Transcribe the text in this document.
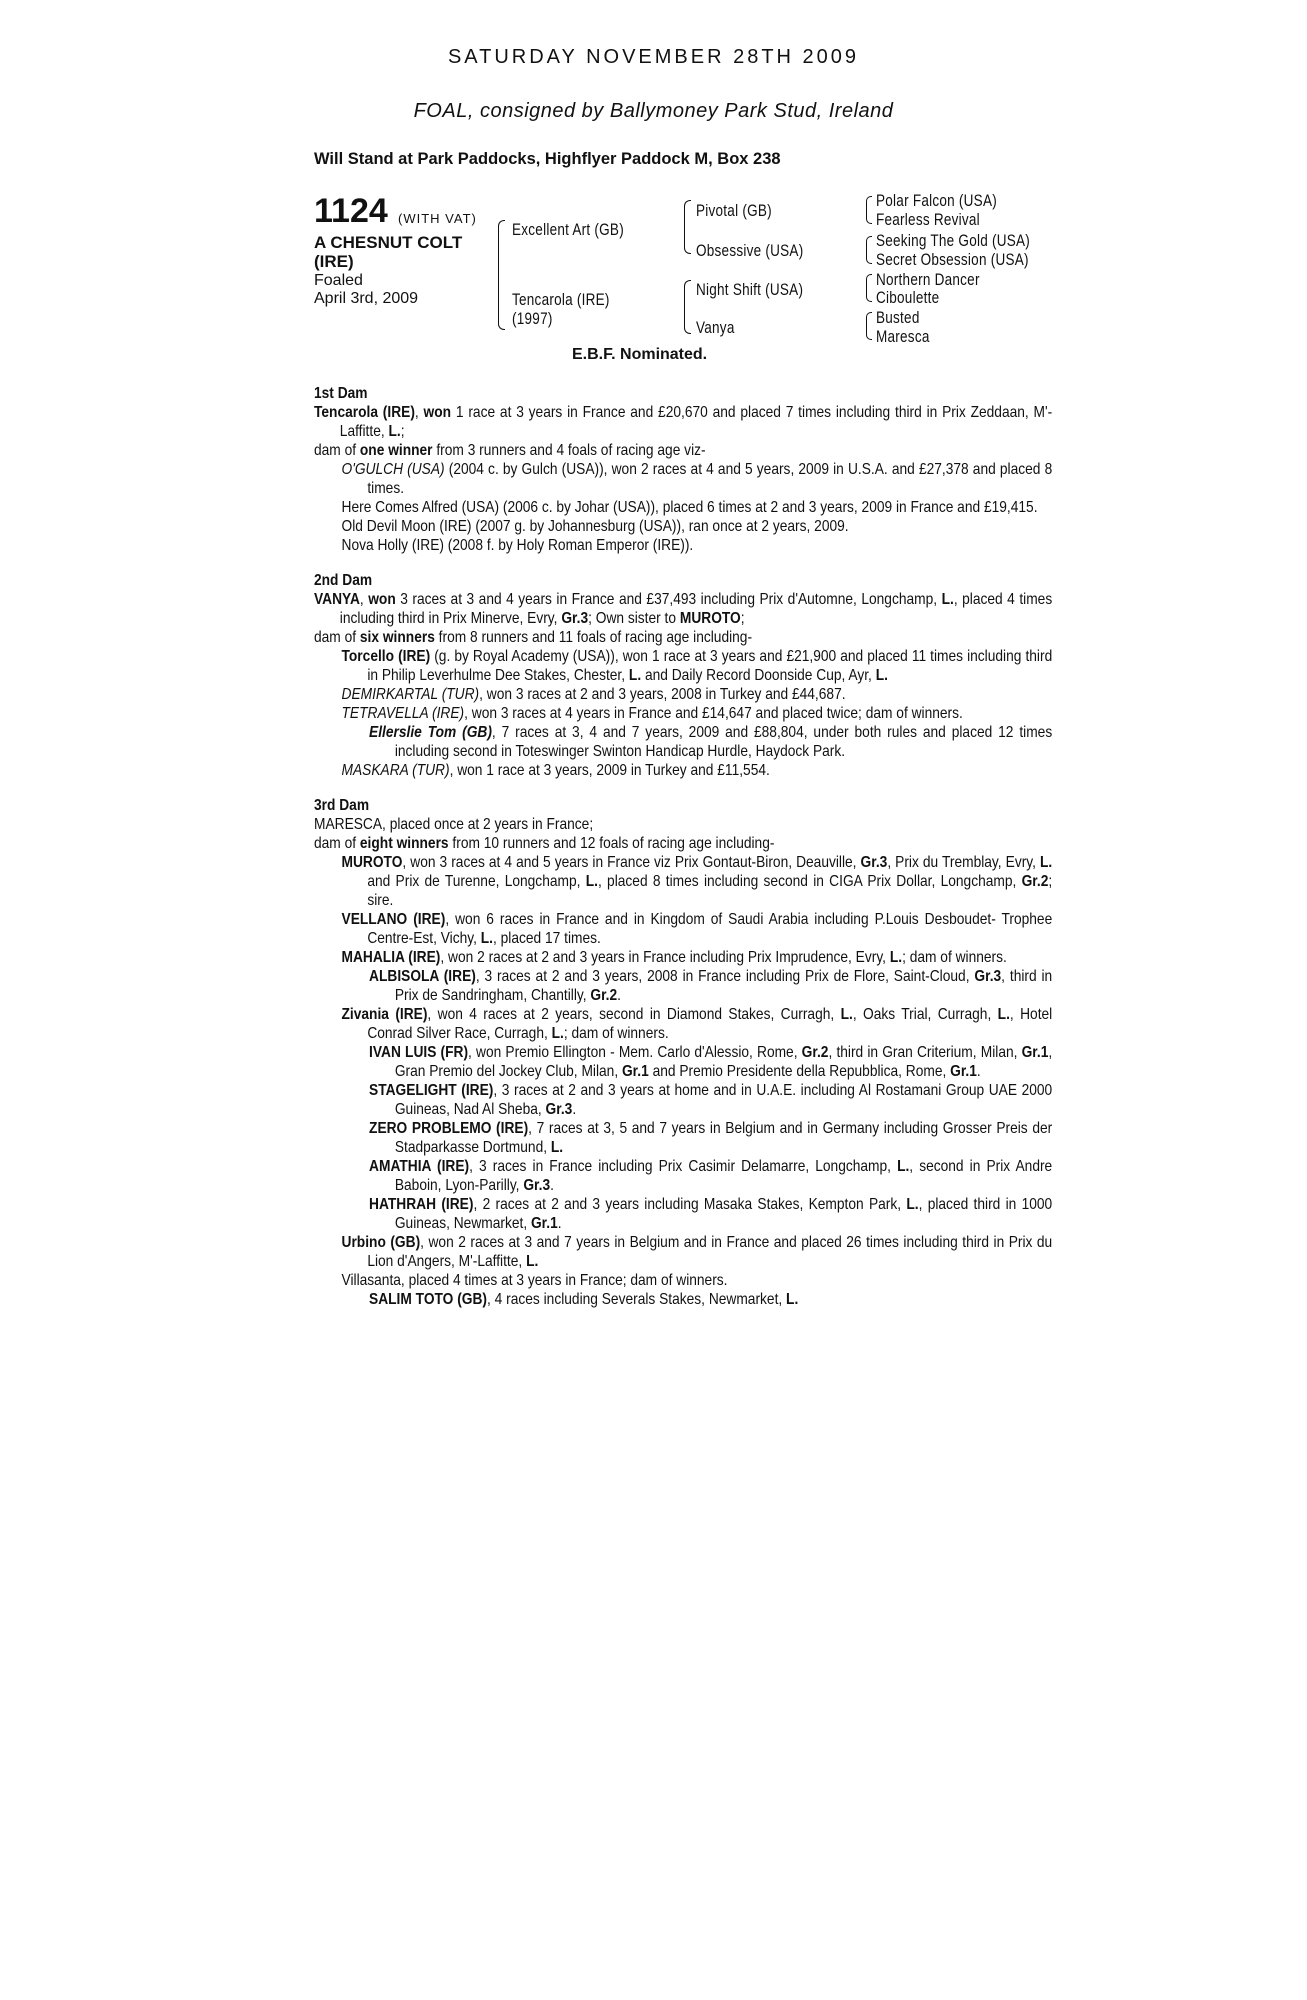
SATURDAY NOVEMBER 28TH 2009
FOAL, consigned by Ballymoney Park Stud, Ireland
Will Stand at Park Paddocks, Highflyer Paddock M, Box 238
1124 (WITH VAT)
A CHESNUT COLT
(IRE)
Foaled
April 3rd, 2009
Excellent Art (GB)
Tencarola (IRE)
(1997)
Pivotal (GB)
Obsessive (USA)
Night Shift (USA)
Vanya
Polar Falcon (USA)
Fearless Revival
Seeking The Gold (USA)
Secret Obsession (USA)
Northern Dancer
Ciboulette
Busted
Maresca
E.B.F. Nominated.
1st Dam
Tencarola (IRE), won 1 race at 3 years in France and £20,670 and placed 7 times including third in Prix Zeddaan, M'-Laffitte, L.;
dam of one winner from 3 runners and 4 foals of racing age viz-
O'GULCH (USA) (2004 c. by Gulch (USA)), won 2 races at 4 and 5 years, 2009 in U.S.A. and £27,378 and placed 8 times.
Here Comes Alfred (USA) (2006 c. by Johar (USA)), placed 6 times at 2 and 3 years, 2009 in France and £19,415.
Old Devil Moon (IRE) (2007 g. by Johannesburg (USA)), ran once at 2 years, 2009.
Nova Holly (IRE) (2008 f. by Holy Roman Emperor (IRE)).
2nd Dam
VANYA, won 3 races at 3 and 4 years in France and £37,493 including Prix d'Automne, Longchamp, L., placed 4 times including third in Prix Minerve, Evry, Gr.3; Own sister to MUROTO;
dam of six winners from 8 runners and 11 foals of racing age including-
Torcello (IRE) (g. by Royal Academy (USA)), won 1 race at 3 years and £21,900 and placed 11 times including third in Philip Leverhulme Dee Stakes, Chester, L. and Daily Record Doonside Cup, Ayr, L.
DEMIRKARTAL (TUR), won 3 races at 2 and 3 years, 2008 in Turkey and £44,687.
TETRAVELLA (IRE), won 3 races at 4 years in France and £14,647 and placed twice; dam of winners.
Ellerslie Tom (GB), 7 races at 3, 4 and 7 years, 2009 and £88,804, under both rules and placed 12 times including second in Toteswinger Swinton Handicap Hurdle, Haydock Park.
MASKARA (TUR), won 1 race at 3 years, 2009 in Turkey and £11,554.
3rd Dam
MARESCA, placed once at 2 years in France;
dam of eight winners from 10 runners and 12 foals of racing age including-
MUROTO, won 3 races at 4 and 5 years in France viz Prix Gontaut-Biron, Deauville, Gr.3, Prix du Tremblay, Evry, L. and Prix de Turenne, Longchamp, L., placed 8 times including second in CIGA Prix Dollar, Longchamp, Gr.2; sire.
VELLANO (IRE), won 6 races in France and in Kingdom of Saudi Arabia including P.Louis Desboudet- Trophee Centre-Est, Vichy, L., placed 17 times.
MAHALIA (IRE), won 2 races at 2 and 3 years in France including Prix Imprudence, Evry, L.; dam of winners.
ALBISOLA (IRE), 3 races at 2 and 3 years, 2008 in France including Prix de Flore, Saint-Cloud, Gr.3, third in Prix de Sandringham, Chantilly, Gr.2.
Zivania (IRE), won 4 races at 2 years, second in Diamond Stakes, Curragh, L., Oaks Trial, Curragh, L., Hotel Conrad Silver Race, Curragh, L.; dam of winners.
IVAN LUIS (FR), won Premio Ellington - Mem. Carlo d'Alessio, Rome, Gr.2, third in Gran Criterium, Milan, Gr.1, Gran Premio del Jockey Club, Milan, Gr.1 and Premio Presidente della Repubblica, Rome, Gr.1.
STAGELIGHT (IRE), 3 races at 2 and 3 years at home and in U.A.E. including Al Rostamani Group UAE 2000 Guineas, Nad Al Sheba, Gr.3.
ZERO PROBLEMO (IRE), 7 races at 3, 5 and 7 years in Belgium and in Germany including Grosser Preis der Stadparkasse Dortmund, L.
AMATHIA (IRE), 3 races in France including Prix Casimir Delamarre, Longchamp, L., second in Prix Andre Baboin, Lyon-Parilly, Gr.3.
HATHRAH (IRE), 2 races at 2 and 3 years including Masaka Stakes, Kempton Park, L., placed third in 1000 Guineas, Newmarket, Gr.1.
Urbino (GB), won 2 races at 3 and 7 years in Belgium and in France and placed 26 times including third in Prix du Lion d'Angers, M'-Laffitte, L.
Villasanta, placed 4 times at 3 years in France; dam of winners.
SALIM TOTO (GB), 4 races including Severals Stakes, Newmarket, L.
